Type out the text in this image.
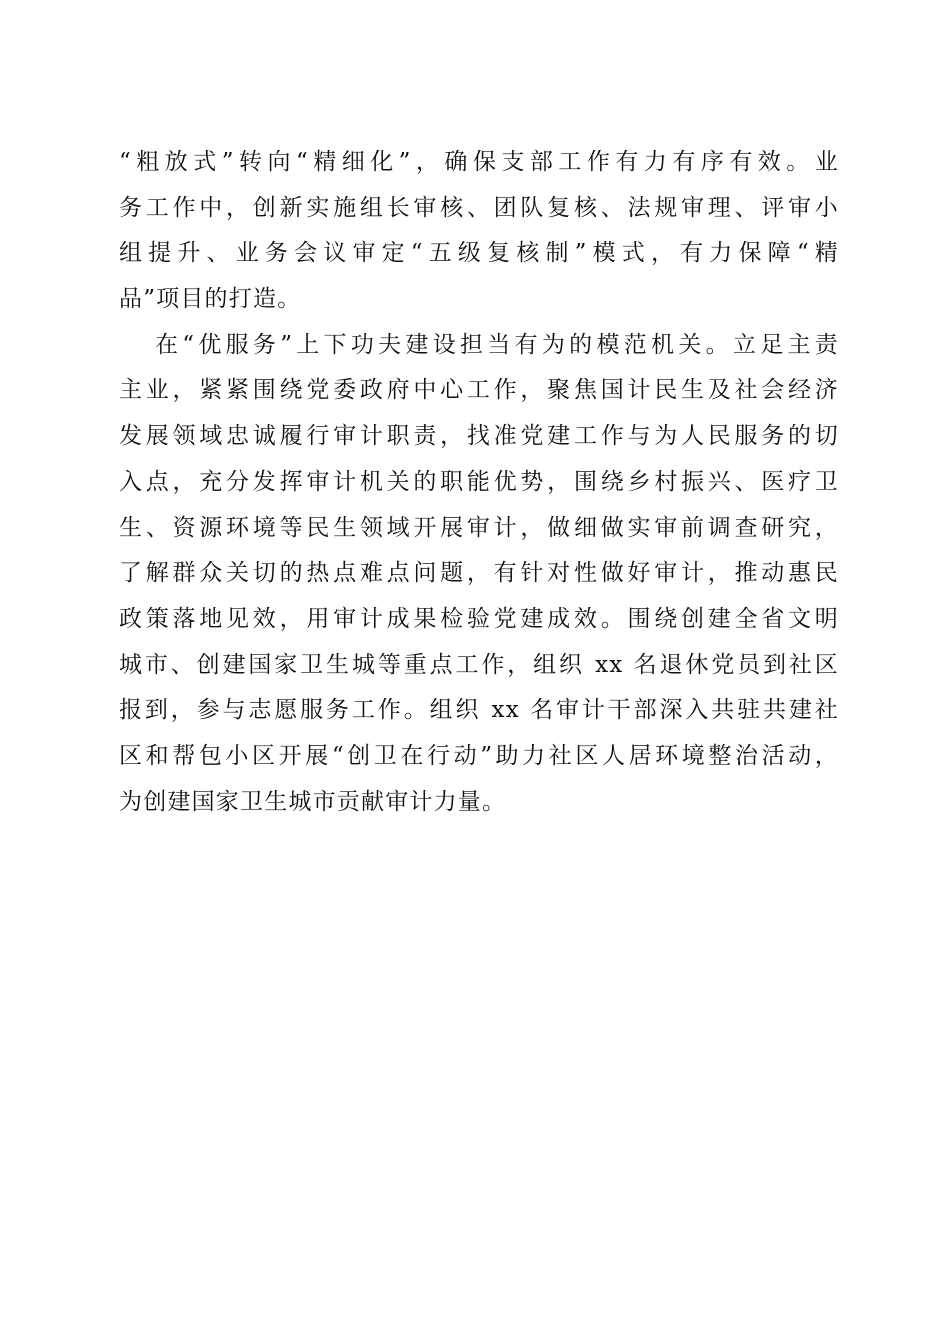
“粗放式”转向“精细化”，确保支部工作有力有序有效。业
务工作中，创新实施组长审核、团队复核、法规审理、评审小
组提升、业务会议审定“五级复核制”模式，有力保障“精
品”项目的打造。
在“优服务”上下功夫建设担当有为的模范机关。立足主责
主业，紧紧围绕党委政府中心工作，聚焦国计民生及社会经济
发展领域忠诚履行审计职责，找准党建工作与为人民服务的切
入点，充分发挥审计机关的职能优势，围绕乡村振兴、医疗卫
生、资源环境等民生领域开展审计，做细做实审前调查研究，
了解群众关切的热点难点问题，有针对性做好审计，推动惠民
政策落地见效，用审计成果检验党建成效。围绕创建全省文明
城市、创建国家卫生城等重点工作，组织 xx 名退休党员到社区
报到，参与志愿服务工作。组织 xx 名审计干部深入共驻共建社
区和帮包小区开展“创卫在行动”助力社区人居环境整治活动，
为创建国家卫生城市贡献审计力量。
